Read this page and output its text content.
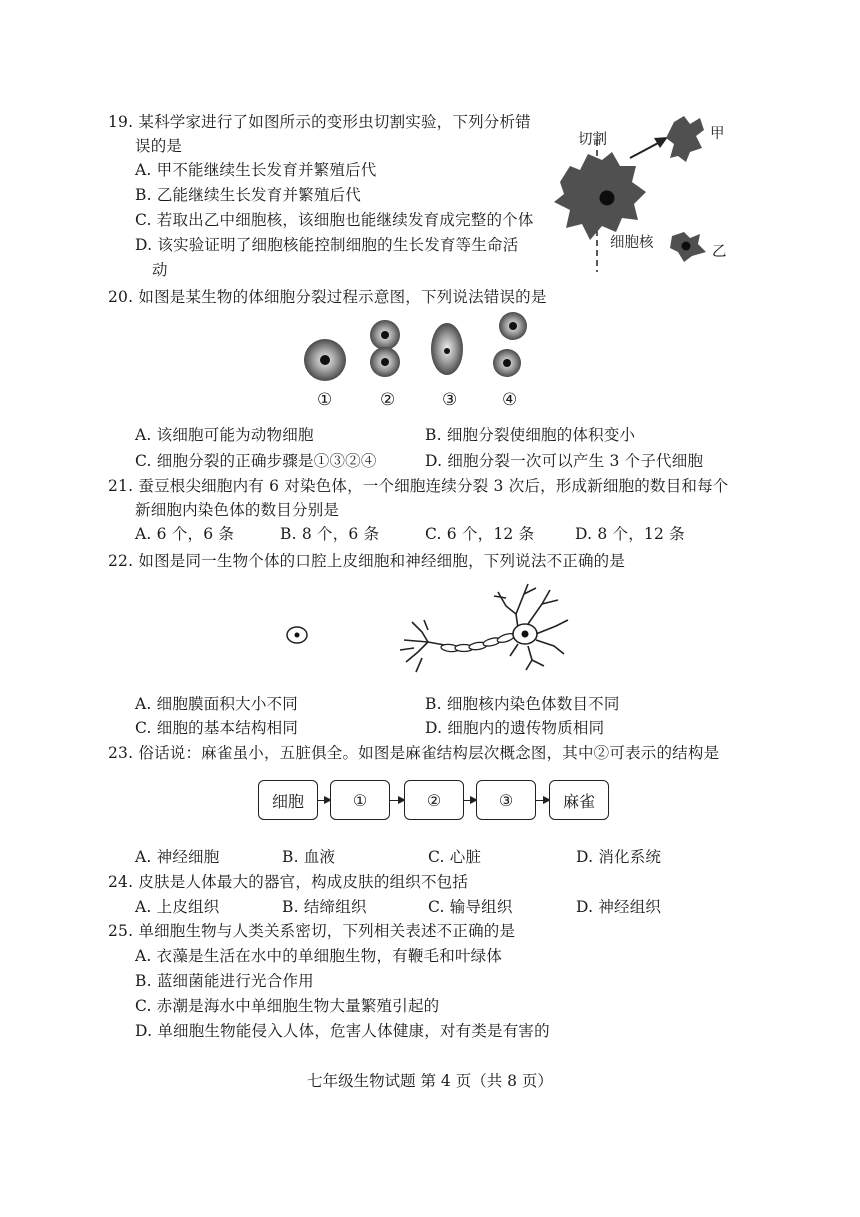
19. 某科学家进行了如图所示的变形虫切割实验，下列分析错
误的是
A. 甲不能继续生长发育并繁殖后代
B. 乙能继续生长发育并繁殖后代
C. 若取出乙中细胞核，该细胞也能继续发育成完整的个体
D. 该实验证明了细胞核能控制细胞的生长发育等生命活
动
切割
细胞核
甲
乙
20. 如图是某生物的体细胞分裂过程示意图，下列说法错误的是
①	②	③	④
A. 该细胞可能为动物细胞	B. 细胞分裂使细胞的体积变小
C. 细胞分裂的正确步骤是①③②④	D. 细胞分裂一次可以产生 3 个子代细胞
21. 蚕豆根尖细胞内有 6 对染色体，一个细胞连续分裂 3 次后，形成新细胞的数目和每个
新细胞内染色体的数目分别是
A. 6 个，6 条	B. 8 个，6 条	C. 6 个，12 条	D. 8 个，12 条
22. 如图是同一生物个体的口腔上皮细胞和神经细胞，下列说法不正确的是
A. 细胞膜面积大小不同	B. 细胞核内染色体数目不同
C. 细胞的基本结构相同	D. 细胞内的遗传物质相同
23. 俗话说：麻雀虽小，五脏俱全。如图是麻雀结构层次概念图，其中②可表示的结构是
细胞	①	②	③	麻雀
A. 神经细胞	B. 血液	C. 心脏	D. 消化系统
24. 皮肤是人体最大的器官，构成皮肤的组织不包括
A. 上皮组织	B. 结缔组织	C. 输导组织	D. 神经组织
25. 单细胞生物与人类关系密切，下列相关表述不正确的是
A. 衣藻是生活在水中的单细胞生物，有鞭毛和叶绿体
B. 蓝细菌能进行光合作用
C. 赤潮是海水中单细胞生物大量繁殖引起的
D. 单细胞生物能侵入人体，危害人体健康，对有类是有害的
七年级生物试题 第 4 页（共 8 页）
